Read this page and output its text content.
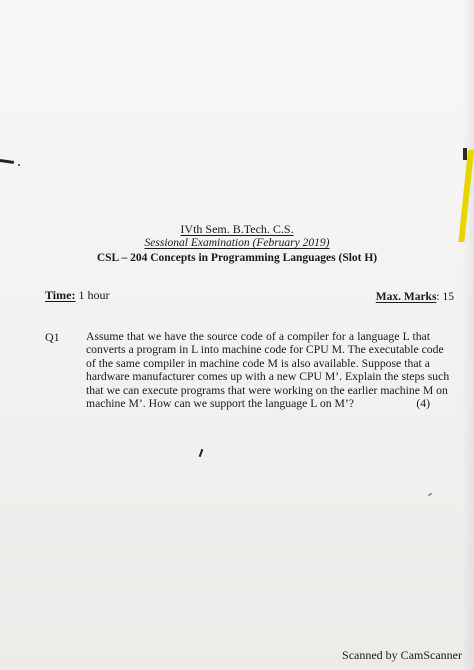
IVth Sem. B.Tech. C.S.
Sessional Examination (February 2019)
CSL – 204 Concepts in Programming Languages (Slot H)
Time: 1 hour	Max. Marks: 15
Q1 Assume that we have the source code of a compiler for a language L that
converts a program in L into machine code for CPU M. The executable code
of the same compiler in machine code M is also available. Suppose that a
hardware manufacturer comes up with a new CPU M’. Explain the steps such
that we can execute programs that were working on the earlier machine M on
machine M’. How can we support the language L on M’?	(4)
Scanned by CamScanner
